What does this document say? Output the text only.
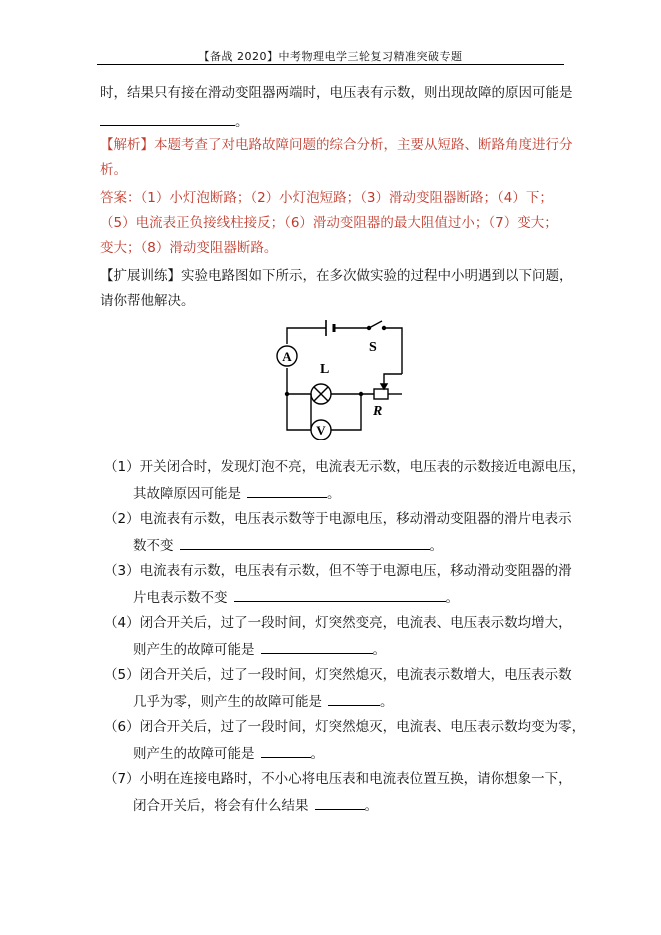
【备战 2020】中考物理电学三轮复习精准突破专题
时，结果只有接在滑动变阻器两端时，电压表有示数，则出现故障的原因可能是
。
【解析】本题考查了对电路故障问题的综合分析，主要从短路、断路角度进行分
析。
答案：（1）小灯泡断路；（2）小灯泡短路；（3）滑动变阻器断路；（4）下；
（5）电流表正负接线柱接反；（6）滑动变阻器的最大阻值过小；（7）变大；
变大；（8）滑动变阻器断路。
【扩展训练】实验电路图如下所示，在多次做实验的过程中小明遇到以下问题，
请你帮他解决。
A
V
S
L
R
（1）开关闭合时，发现灯泡不亮，电流表无示数，电压表的示数接近电源电压，
其故障原因可能是	。
（2）电流表有示数，电压表示数等于电源电压，移动滑动变阻器的滑片电表示
数不变	。
（3）电流表有示数，电压表有示数，但不等于电源电压，移动滑动变阻器的滑
片电表示数不变	。
（4）闭合开关后，过了一段时间，灯突然变亮，电流表、电压表示数均增大，
则产生的故障可能是	。
（5）闭合开关后，过了一段时间，灯突然熄灭，电流表示数增大，电压表示数
几乎为零，则产生的故障可能是	。
（6）闭合开关后，过了一段时间，灯突然熄灭，电流表、电压表示数均变为零，
则产生的故障可能是	。
（7）小明在连接电路时，不小心将电压表和电流表位置互换，请你想象一下，
闭合开关后，将会有什么结果	。
